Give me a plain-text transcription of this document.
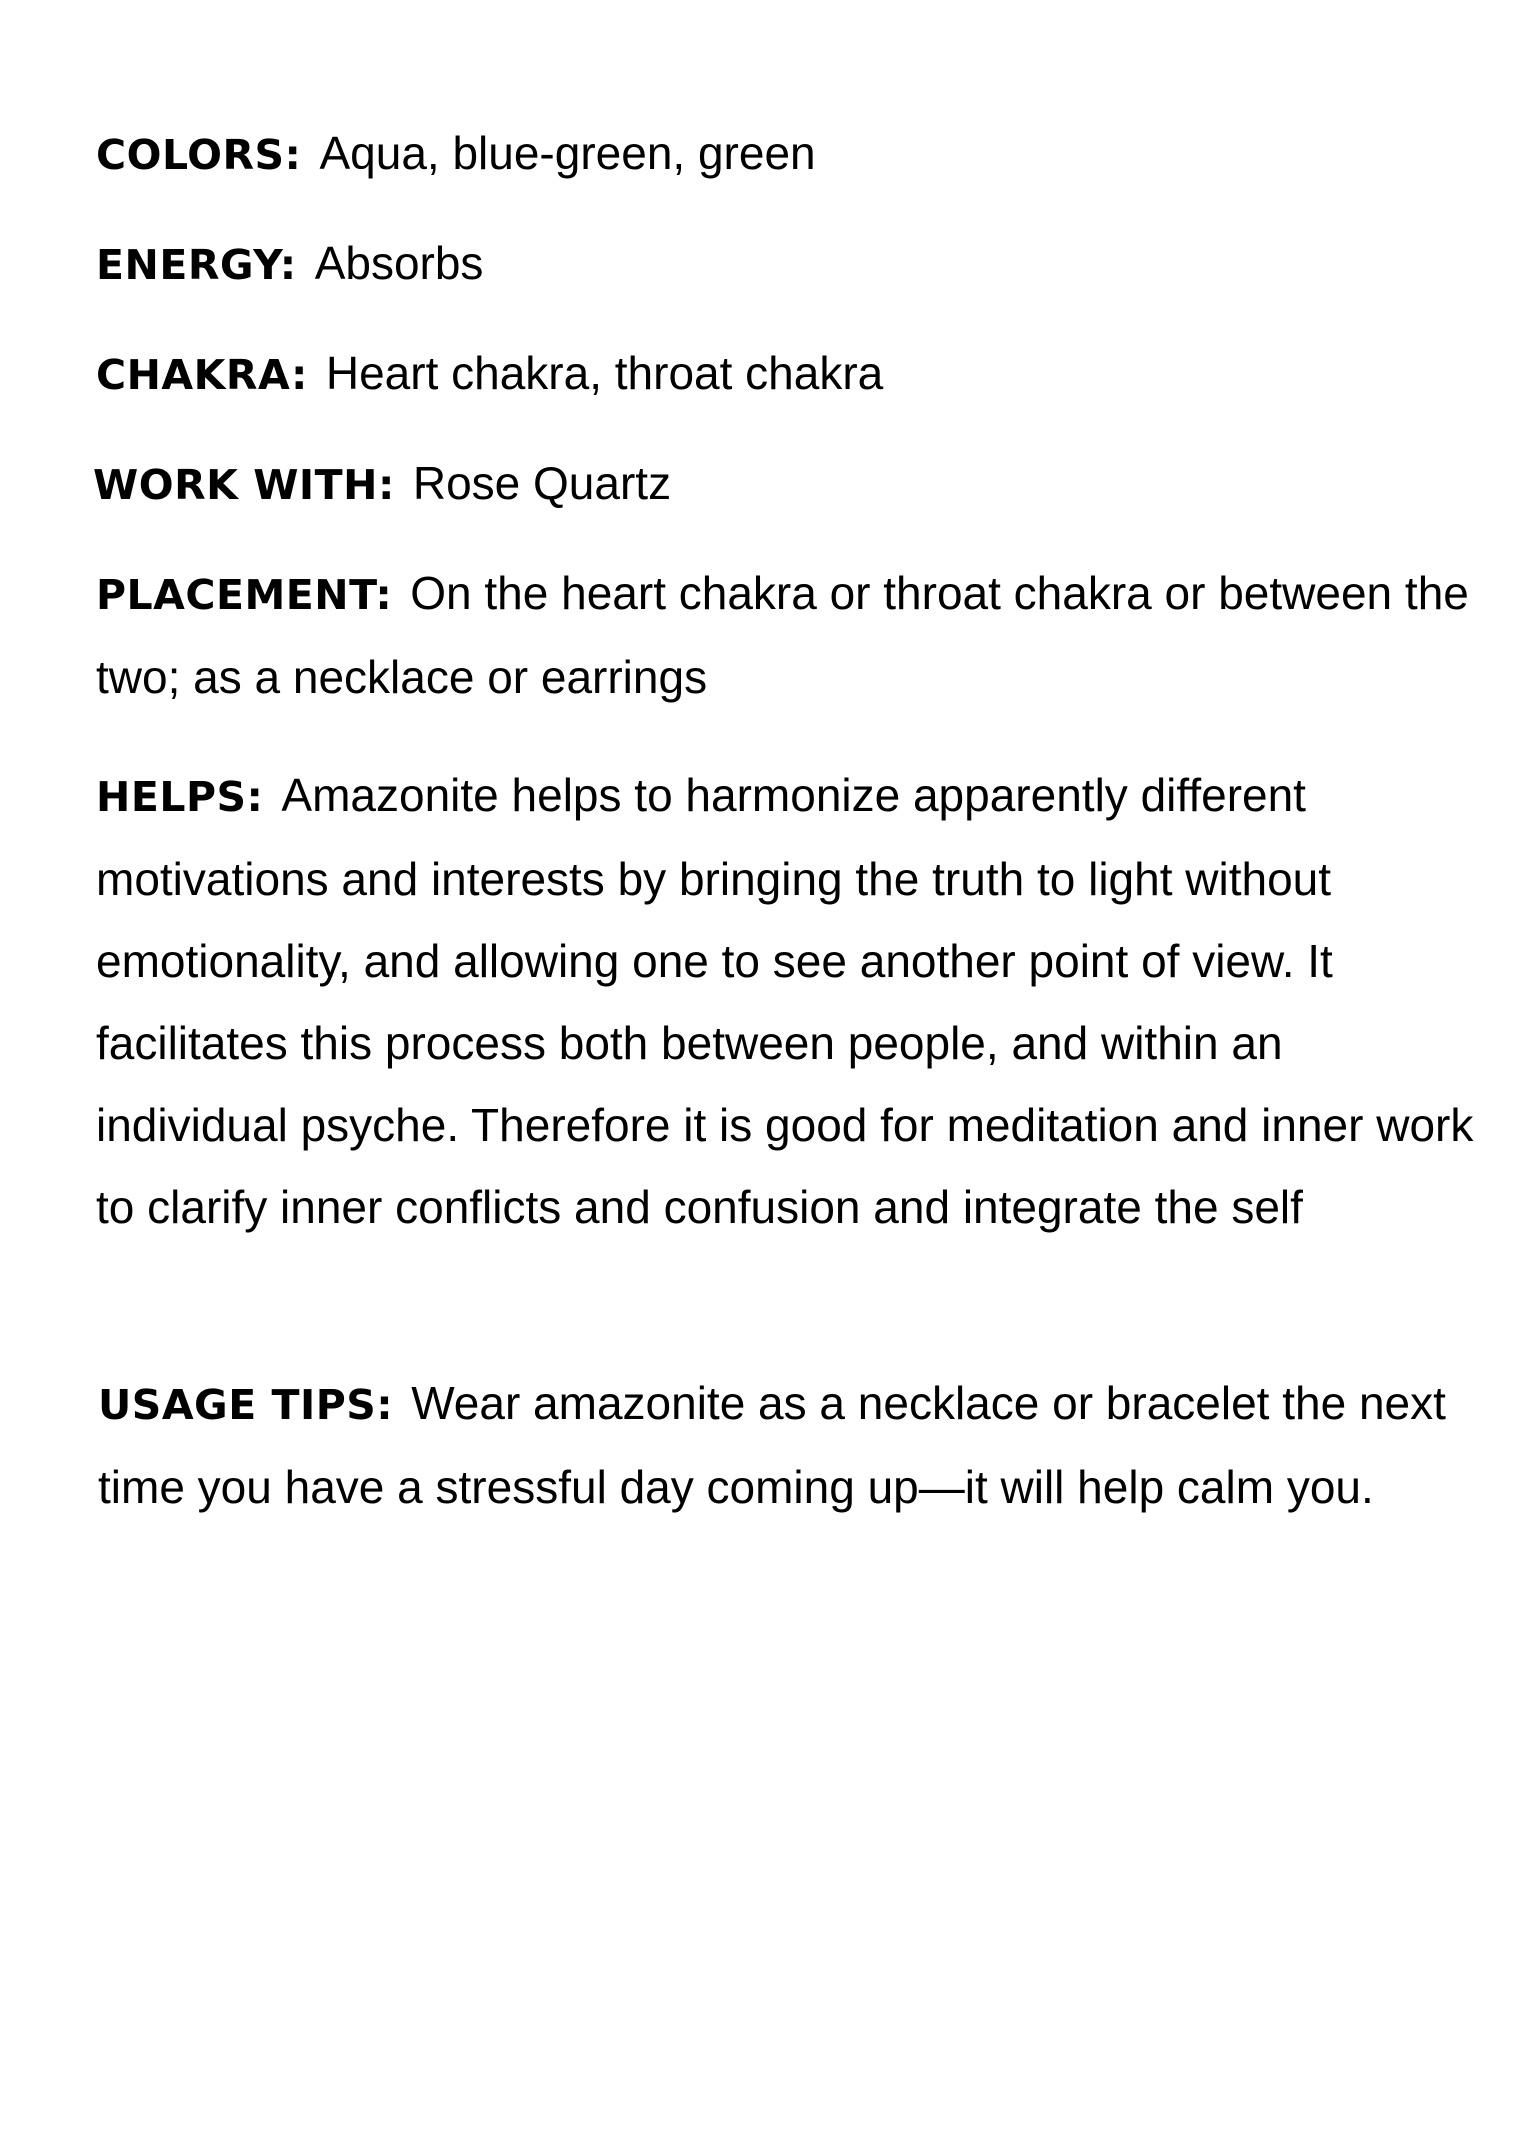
COLORS: Aqua, blue-green, green
ENERGY: Absorbs
CHAKRA: Heart chakra, throat chakra
WORK WITH: Rose Quartz
PLACEMENT: On the heart chakra or throat chakra or between the two; as a necklace or earrings
HELPS: Amazonite helps to harmonize apparently different motivations and interests by bringing the truth to light without emotionality, and allowing one to see another point of view. It facilitates this process both between people, and within an individual psyche. Therefore it is good for meditation and inner work to clarify inner conflicts and confusion and integrate the self
USAGE TIPS: Wear amazonite as a necklace or bracelet the next time you have a stressful day coming up—it will help calm you.
